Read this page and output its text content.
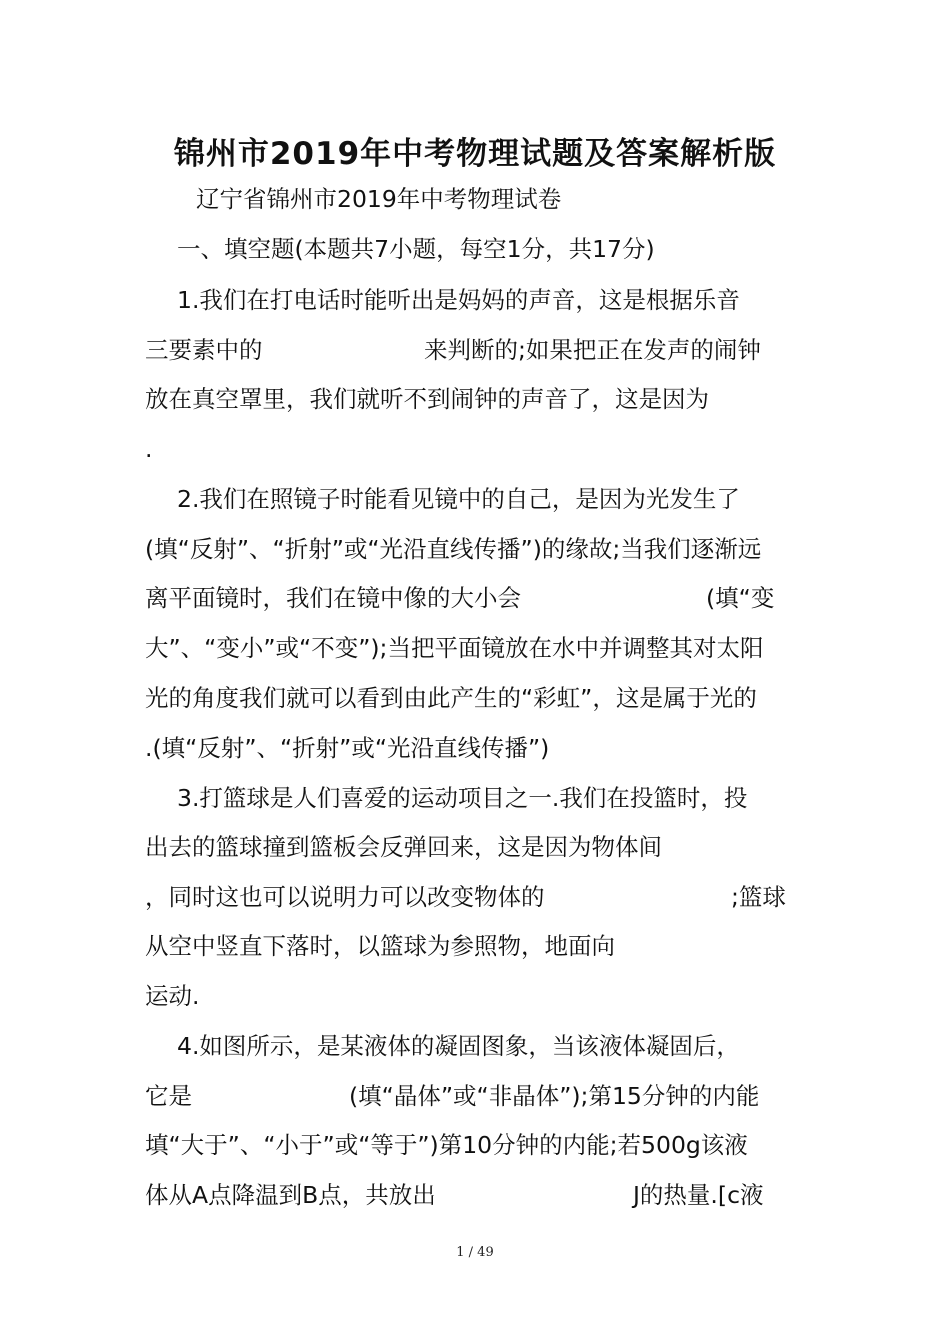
锦州市2019年中考物理试题及答案解析版
辽宁省锦州市2019年中考物理试卷
一、填空题(本题共7小题，每空1分，共17分)
1.我们在打电话时能听出是妈妈的声音，这是根据乐音
三要素中的	来判断的;如果把正在发声的闹钟
放在真空罩里，我们就听不到闹钟的声音了，这是因为
.
2.我们在照镜子时能看见镜中的自己，是因为光发生了
(填“反射”、“折射”或“光沿直线传播”)的缘故;当我们逐渐远
离平面镜时，我们在镜中像的大小会	(填“变
大”、“变小”或“不变”);当把平面镜放在水中并调整其对太阳
光的角度我们就可以看到由此产生的“彩虹”，这是属于光的
.(填“反射”、“折射”或“光沿直线传播”)
3.打篮球是人们喜爱的运动项目之一.我们在投篮时，投
出去的篮球撞到篮板会反弹回来，这是因为物体间
，同时这也可以说明力可以改变物体的	;篮球
从空中竖直下落时，以篮球为参照物，地面向
运动.
4.如图所示，是某液体的凝固图象，当该液体凝固后，
它是	(填“晶体”或“非晶体”);第15分钟的内能
填“大于”、“小于”或“等于”)第10分钟的内能;若500g该液
体从A点降温到B点，共放出	J的热量.[c液
1 / 49
